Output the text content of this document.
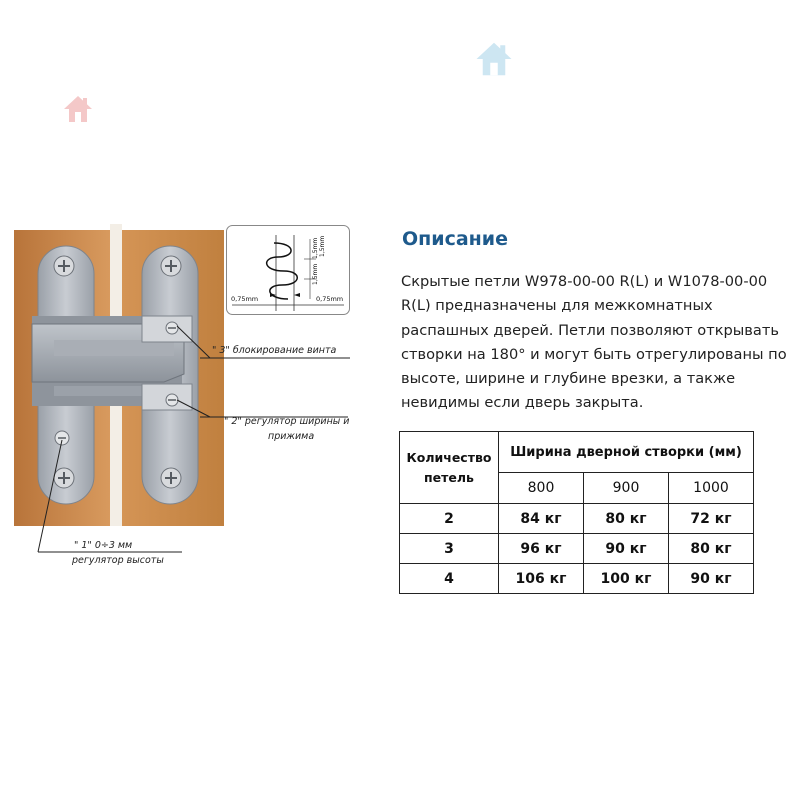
" 3" блокирование винта
" 2" регулятор ширины и
прижима
" 1" 0÷3 мм
регулятор высоты
0,75mm	0,75mm
1,5mm 1,5mm
1,5mm
Описание

Скрытые петли W978-00-00 R(L) и W1078-00-00 R(L) предназначены для межкомнатных распашных дверей. Петли позволяют открывать створки на 180° и могут быть отрегулированы по высоте, ширине и глубине врезки, а также невидимы если дверь закрыта.

Количество петель	Ширина дверной створки (мм)		
	800	900	1000
2	84 кг	80 кг	72 кг
3	96 кг	90 кг	80 кг
4	106 кг	100 кг	90 кг
